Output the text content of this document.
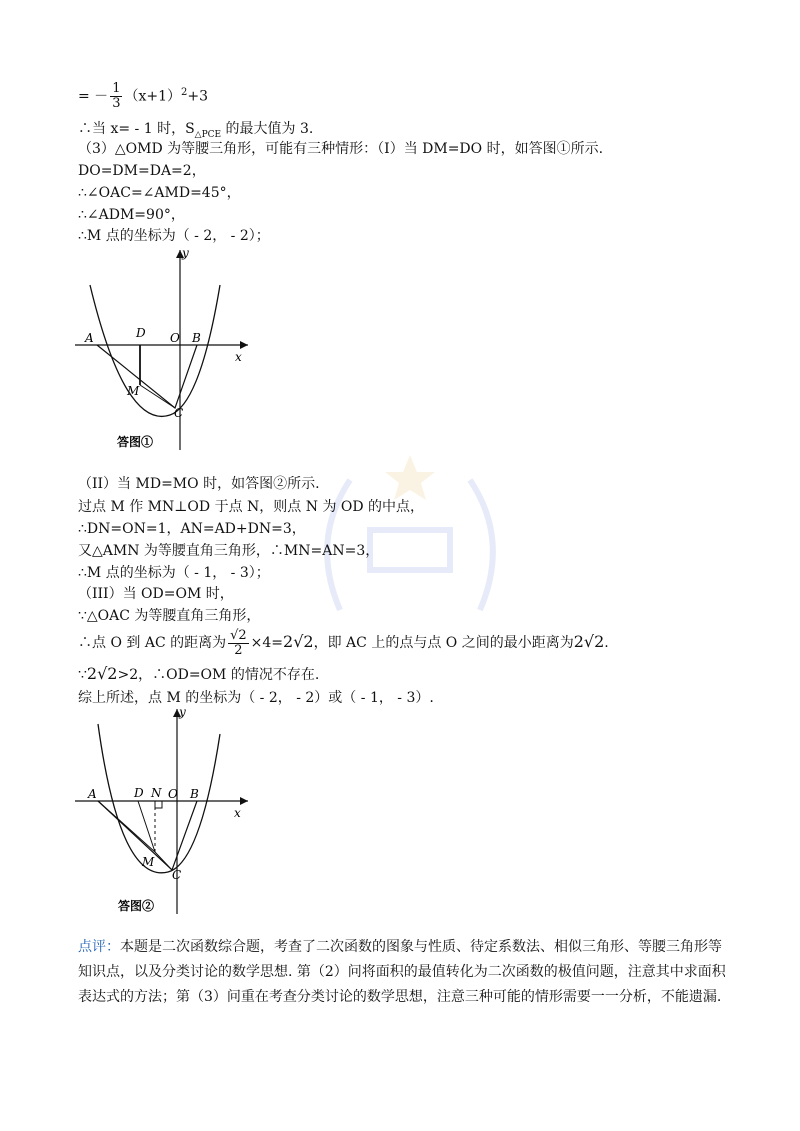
= － $\frac{1}{3} (x+1)^2+3$
∴当 x= - 1 时，$S_{\triangle PCE}$ 的最大值为 3.
（3）△OMD 为等腰三角形，可能有三种情形：（I）当 DM=DO 时，如答图①所示.
DO=DM=DA=2，
∴∠OAC=∠AMD=45°，
∴∠ADM=90°，
∴M 点的坐标为（ - 2， - 2）；
y
x
A	D O B
M
C
答图①
（II）当 MD=MO 时，如答图②所示.
过点 M 作 MN⊥OD 于点 N，则点 N 为 OD 的中点，
∴DN=ON=1，AN=AD+DN=3，
又△AMN 为等腰直角三角形，∴MN=AN=3，
∴M 点的坐标为（ - 1， - 3）；
（III）当 OD=OM 时，
∵△OAC 为等腰直角三角形，
∴点 O 到 AC 的距离为 $\frac{√2}{2} \times 4=2√2$，即 AC 上的点与点 O 之间的最小距离为2√2.
∵2√2>2，∴OD=OM 的情况不存在.
综上所述，点 M 的坐标为（ - 2， - 2）或（ - 1， - 3）.
y
x
A	D N O B
M
C
答图②
点评：本题是二次函数综合题，考查了二次函数的图象与性质、待定系数法、相似三角形、等腰三角形等知识点，以及分类讨论的数学思想. 第（2）问将面积的最值转化为二次函数的极值问题，注意其中求面积表达式的方法；第（3）问重在考查分类讨论的数学思想，注意三种可能的情形需要一一分析，不能遗漏.
